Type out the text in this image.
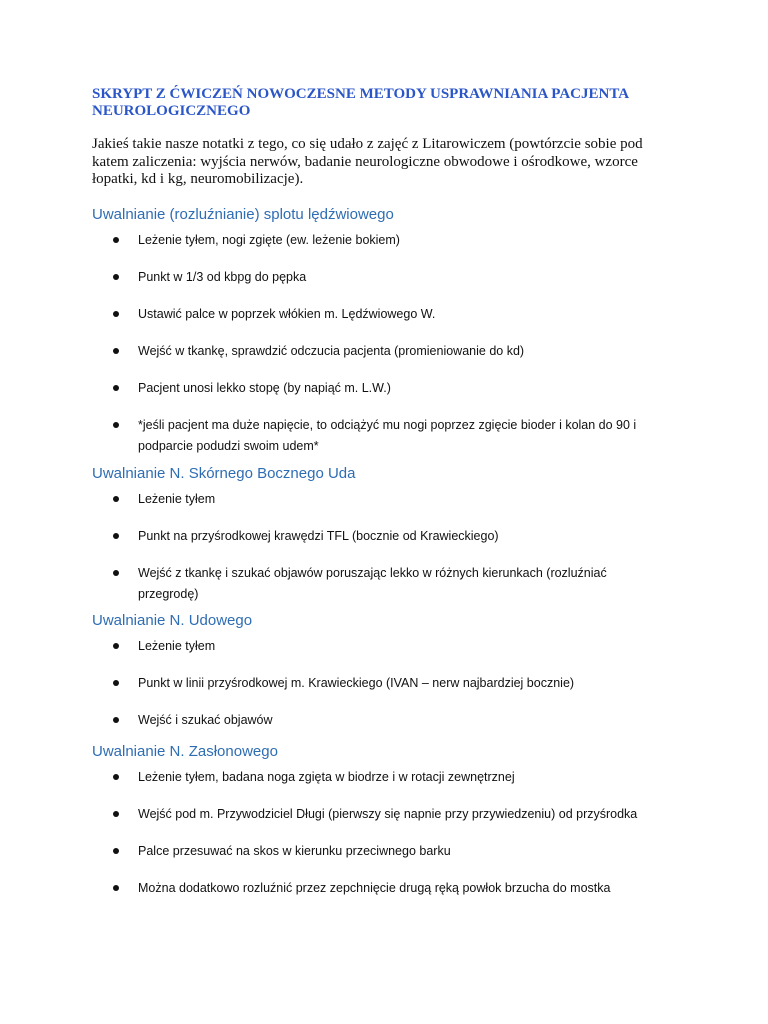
SKRYPT Z ĆWICZEŃ NOWOCZESNE METODY USPRAWNIANIA PACJENTA NEUROLOGICZNEGO

Jakieś takie nasze notatki z tego, co się udało z zajęć z Litarowiczem (powtórzcie sobie pod katem zaliczenia: wyjścia nerwów, badanie neurologiczne obwodowe i ośrodkowe, wzorce łopatki, kd i kg, neuromobilizacje).

Uwalnianie (rozluźnianie) splotu lędźwiowego
Leżenie tyłem, nogi zgięte (ew. leżenie bokiem)
Punkt w 1/3 od kbpg do pępka
Ustawić palce w poprzek włókien m. Lędźwiowego W.
Wejść w tkankę, sprawdzić odczucia pacjenta (promieniowanie do kd)
Pacjent unosi lekko stopę (by napiąć m. L.W.)
*jeśli pacjent ma duże napięcie, to odciążyć mu nogi poprzez zgięcie bioder i kolan do 90 i podparcie podudzi swoim udem*
Uwalnianie N. Skórnego Bocznego Uda
Leżenie tyłem
Punkt na przyśrodkowej krawędzi TFL (bocznie od Krawieckiego)
Wejść z tkankę i szukać objawów poruszając lekko w różnych kierunkach (rozluźniać przegrodę)
Uwalnianie N. Udowego
Leżenie tyłem
Punkt w linii przyśrodkowej m. Krawieckiego (IVAN – nerw najbardziej bocznie)
Wejść i szukać objawów
Uwalnianie N. Zasłonowego
Leżenie tyłem, badana noga zgięta w biodrze i w rotacji zewnętrznej
Wejść pod m. Przywodziciel Długi (pierwszy się napnie przy przywiedzeniu) od przyśrodka
Palce przesuwać na skos w kierunku przeciwnego barku
Można dodatkowo rozluźnić przez zepchnięcie drugą ręką powłok brzucha do mostka
